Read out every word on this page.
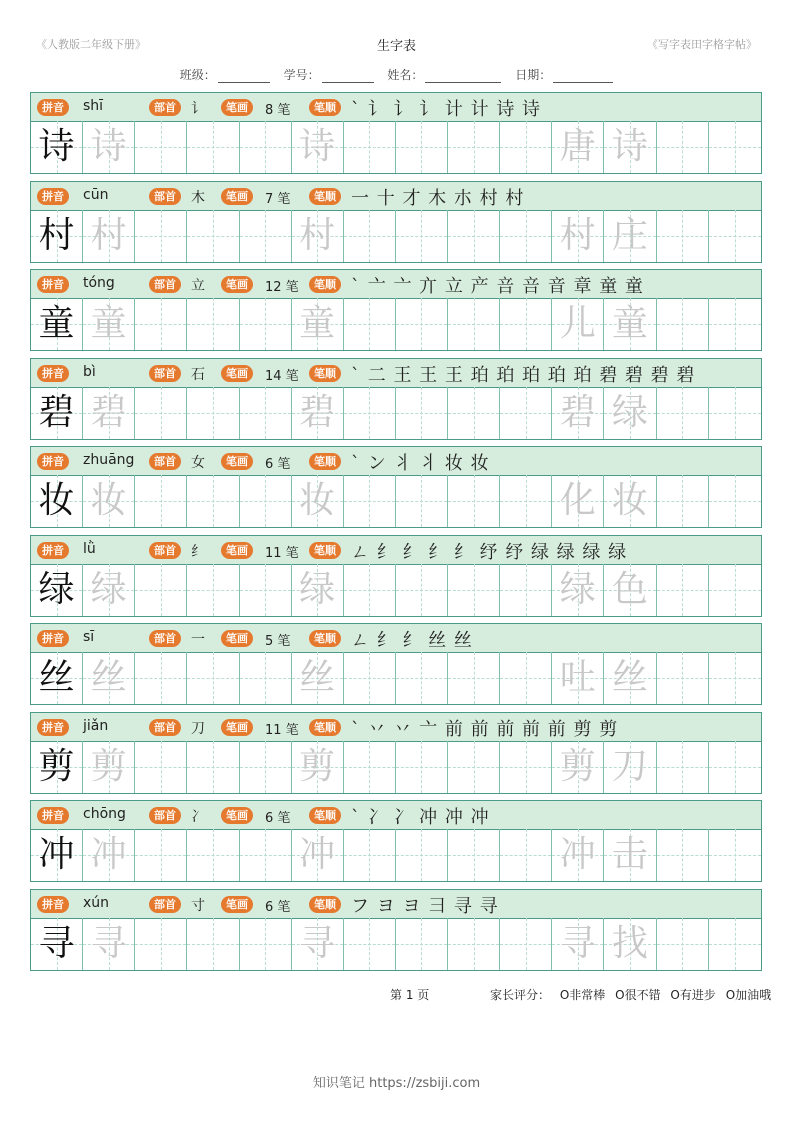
《人教版二年级下册》	生字表	《写字表田字格字帖》
班级：	学号：	姓名：	日期：
拼音	shī	部首	讠	笔画	8 笔	笔顺 ` 讠 讠 讠 计 计 诗 诗
诗 诗	诗	唐 诗
拼音	cūn	部首	木	笔画	7 笔	笔顺 一 十 才 木 朩 村 村
村 村	村	村 庄
拼音	tóng	部首	立	笔画	12 笔	笔顺 ` 亠 亠 亣 立 产 咅 咅 音 章 童 童
童 童	童	儿 童
拼音	bì	部首	石	笔画	14 笔	笔顺 ` 二 王 王 王 珀 珀 珀 珀 珀 碧 碧 碧 碧
碧 碧	碧	碧 绿
拼音	zhuāng	部首	女	笔画	6 笔	笔顺 ` ン 丬 丬 妆 妆
妆 妆	妆	化 妆
拼音	lǜ	部首	纟	笔画	11 笔	笔顺 ㄥ 纟 纟 纟 纟 纾 纾 绿 绿 绿 绿
绿 绿	绿	绿 色
拼音	sī	部首	一	笔画	5 笔	笔顺 ㄥ 纟 纟 丝 丝
丝 丝	丝	吐 丝
拼音	jiǎn	部首	刀	笔画	11 笔	笔顺 ` 丷 丷 亠 前 前 前 前 前 剪 剪
剪 剪	剪	剪 刀
拼音	chōng	部首	冫	笔画	6 笔	笔顺 ` 冫 冫 冲 冲 冲
冲 冲	冲	冲 击
拼音	xún	部首	寸	笔画	6 笔	笔顺 フ ヨ ヨ 彐 寻 寻
寻 寻	寻	寻 找
第 1 页	家长评分： O非常棒 O很不错 O有进步 O加油哦
知识笔记 https://zsbiji.com
